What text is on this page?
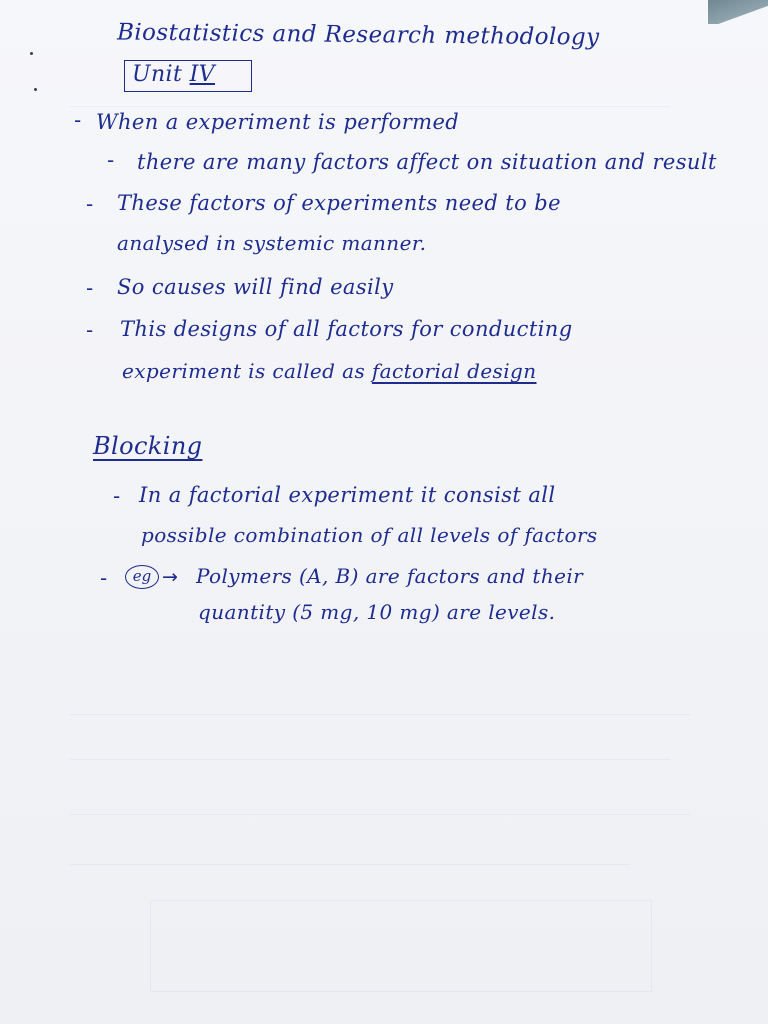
Biostatistics and Research methodology
Unit IV
-
-
-
-
-
When a experiment is performed
there are many factors affect on situation and result
These factors of experiments need to be
analysed in systemic manner.
So causes will find easily
This designs of all factors for conducting
experiment is called as factorial design
Blocking
- In a factorial experiment it consist all
possible combination of all levels of factors
-	eg → Polymers (A, B) are factors and their
quantity (5 mg, 10 mg) are levels.
